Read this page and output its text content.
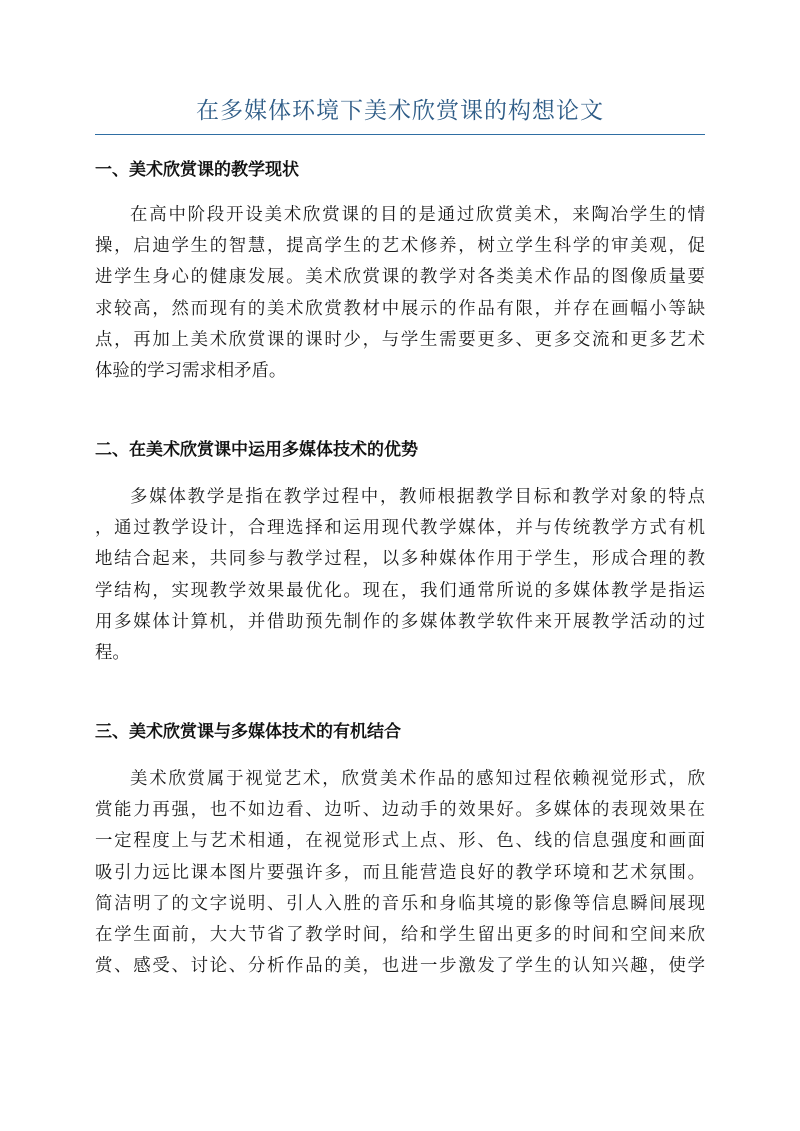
在多媒体环境下美术欣赏课的构想论文
一、美术欣赏课的教学现状
在高中阶段开设美术欣赏课的目的是通过欣赏美术，来陶冶学生的情
操，启迪学生的智慧，提高学生的艺术修养，树立学生科学的审美观，促
进学生身心的健康发展。美术欣赏课的教学对各类美术作品的图像质量要
求较高，然而现有的美术欣赏教材中展示的作品有限，并存在画幅小等缺
点，再加上美术欣赏课的课时少，与学生需要更多、更多交流和更多艺术
体验的学习需求相矛盾。
二、在美术欣赏课中运用多媒体技术的优势
多媒体教学是指在教学过程中，教师根据教学目标和教学对象的特点
，通过教学设计，合理选择和运用现代教学媒体，并与传统教学方式有机
地结合起来，共同参与教学过程，以多种媒体作用于学生，形成合理的教
学结构，实现教学效果最优化。现在，我们通常所说的多媒体教学是指运
用多媒体计算机，并借助预先制作的多媒体教学软件来开展教学活动的过
程。
三、美术欣赏课与多媒体技术的有机结合
美术欣赏属于视觉艺术，欣赏美术作品的感知过程依赖视觉形式，欣
赏能力再强，也不如边看、边听、边动手的效果好。多媒体的表现效果在
一定程度上与艺术相通，在视觉形式上点、形、色、线的信息强度和画面
吸引力远比课本图片要强许多，而且能营造良好的教学环境和艺术氛围。
简洁明了的文字说明、引人入胜的音乐和身临其境的影像等信息瞬间展现
在学生面前，大大节省了教学时间，给和学生留出更多的时间和空间来欣
赏、感受、讨论、分析作品的美，也进一步激发了学生的认知兴趣，使学
